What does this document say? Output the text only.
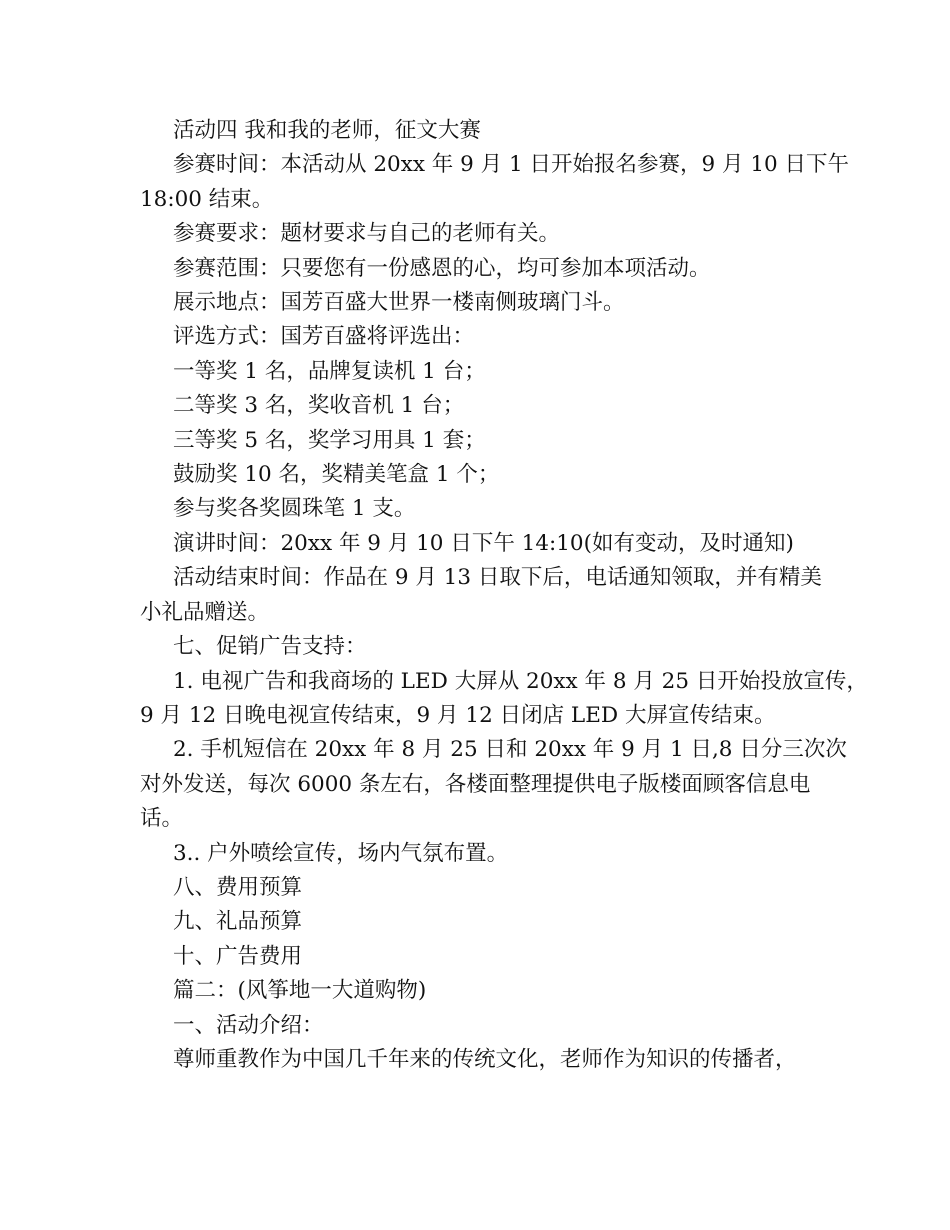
活动四 我和我的老师，征文大赛

参赛时间：本活动从 20xx 年 9 月 1 日开始报名参赛，9 月 10 日下午

18:00 结束。

参赛要求：题材要求与自己的老师有关。

参赛范围：只要您有一份感恩的心，均可参加本项活动。

展示地点：国芳百盛大世界一楼南侧玻璃门斗。

评选方式：国芳百盛将评选出：

一等奖 1 名，品牌复读机 1 台；

二等奖 3 名，奖收音机 1 台；

三等奖 5 名，奖学习用具 1 套；

鼓励奖 10 名，奖精美笔盒 1 个；

参与奖各奖圆珠笔 1 支。

演讲时间：20xx 年 9 月 10 日下午 14:10(如有变动，及时通知)

活动结束时间：作品在 9 月 13 日取下后，电话通知领取，并有精美

小礼品赠送。

七、促销广告支持：

1. 电视广告和我商场的 LED 大屏从 20xx 年 8 月 25 日开始投放宣传，

9 月 12 日晚电视宣传结束，9 月 12 日闭店 LED 大屏宣传结束。

2. 手机短信在 20xx 年 8 月 25 日和 20xx 年 9 月 1 日,8 日分三次次

对外发送，每次 6000 条左右，各楼面整理提供电子版楼面顾客信息电

话。

3.. 户外喷绘宣传，场内气氛布置。

八、费用预算

九、礼品预算

十、广告费用

篇二：(风筝地一大道购物)

一、活动介绍：

尊师重教作为中国几千年来的传统文化，老师作为知识的传播者，
